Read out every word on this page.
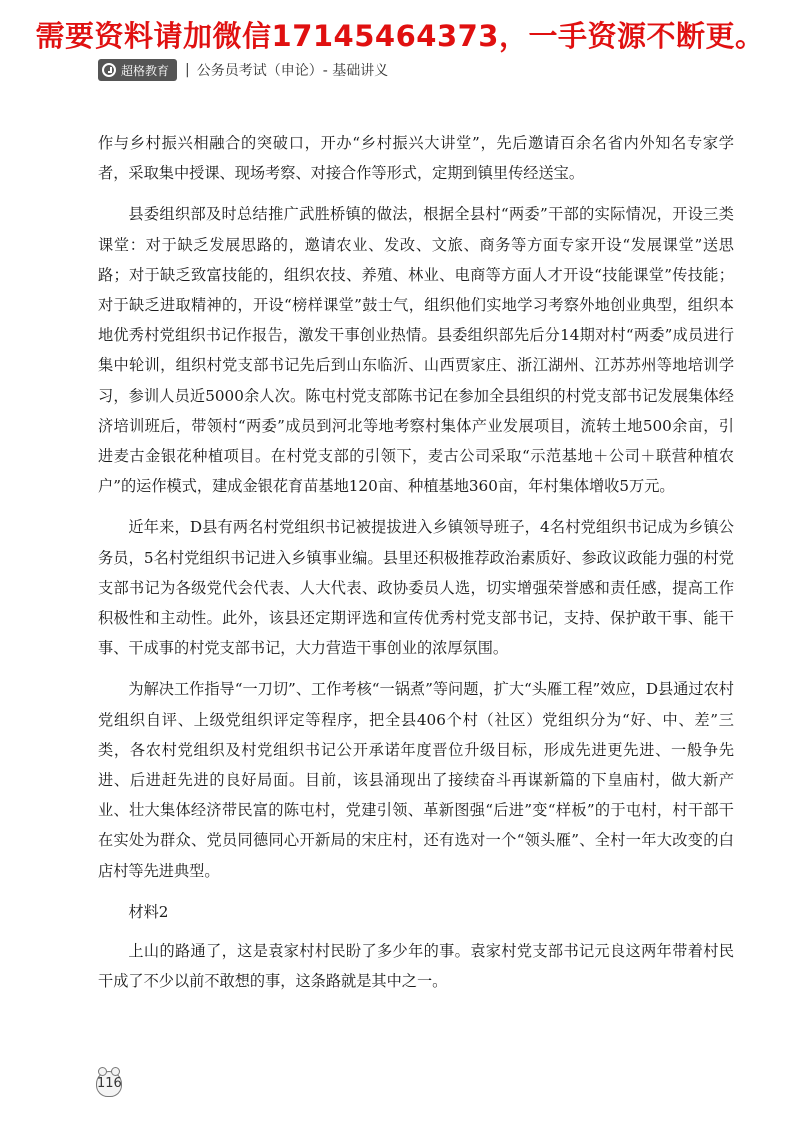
需要资料请加微信17145464373，一手资源不断更。
超格教育 | 公务员考试（申论）- 基础讲义

作与乡村振兴相融合的突破口，开办“乡村振兴大讲堂”，先后邀请百余名省内外知名专家学者，采取集中授课、现场考察、对接合作等形式，定期到镇里传经送宝。

县委组织部及时总结推广武胜桥镇的做法，根据全县村“两委”干部的实际情况，开设三类课堂：对于缺乏发展思路的，邀请农业、发改、文旅、商务等方面专家开设“发展课堂”送思路；对于缺乏致富技能的，组织农技、养殖、林业、电商等方面人才开设“技能课堂”传技能；对于缺乏进取精神的，开设“榜样课堂”鼓士气，组织他们实地学习考察外地创业典型，组织本地优秀村党组织书记作报告，激发干事创业热情。县委组织部先后分14期对村“两委”成员进行集中轮训，组织村党支部书记先后到山东临沂、山西贾家庄、浙江湖州、江苏苏州等地培训学习，参训人员近5000余人次。陈屯村党支部陈书记在参加全县组织的村党支部书记发展集体经济培训班后，带领村“两委”成员到河北等地考察村集体产业发展项目，流转土地500余亩，引进麦古金银花种植项目。在村党支部的引领下，麦古公司采取“示范基地＋公司＋联营种植农户”的运作模式，建成金银花育苗基地120亩、种植基地360亩，年村集体增收5万元。

近年来，D县有两名村党组织书记被提拔进入乡镇领导班子，4名村党组织书记成为乡镇公务员，5名村党组织书记进入乡镇事业编。县里还积极推荐政治素质好、参政议政能力强的村党支部书记为各级党代会代表、人大代表、政协委员人选，切实增强荣誉感和责任感，提高工作积极性和主动性。此外，该县还定期评选和宣传优秀村党支部书记，支持、保护敢干事、能干事、干成事的村党支部书记，大力营造干事创业的浓厚氛围。

为解决工作指导“一刀切”、工作考核“一锅煮”等问题，扩大“头雁工程”效应，D县通过农村党组织自评、上级党组织评定等程序，把全县406个村（社区）党组织分为“好、中、差”三类，各农村党组织及村党组织书记公开承诺年度晋位升级目标，形成先进更先进、一般争先进、后进赶先进的良好局面。目前，该县涌现出了接续奋斗再谋新篇的下皇庙村，做大新产业、壮大集体经济带民富的陈屯村，党建引领、革新图强“后进”变“样板”的于屯村，村干部干在实处为群众、党员同德同心开新局的宋庄村，还有选对一个“领头雁”、全村一年大改变的白店村等先进典型。

材料2

上山的路通了，这是袁家村村民盼了多少年的事。袁家村党支部书记元良这两年带着村民干成了不少以前不敢想的事，这条路就是其中之一。

116
